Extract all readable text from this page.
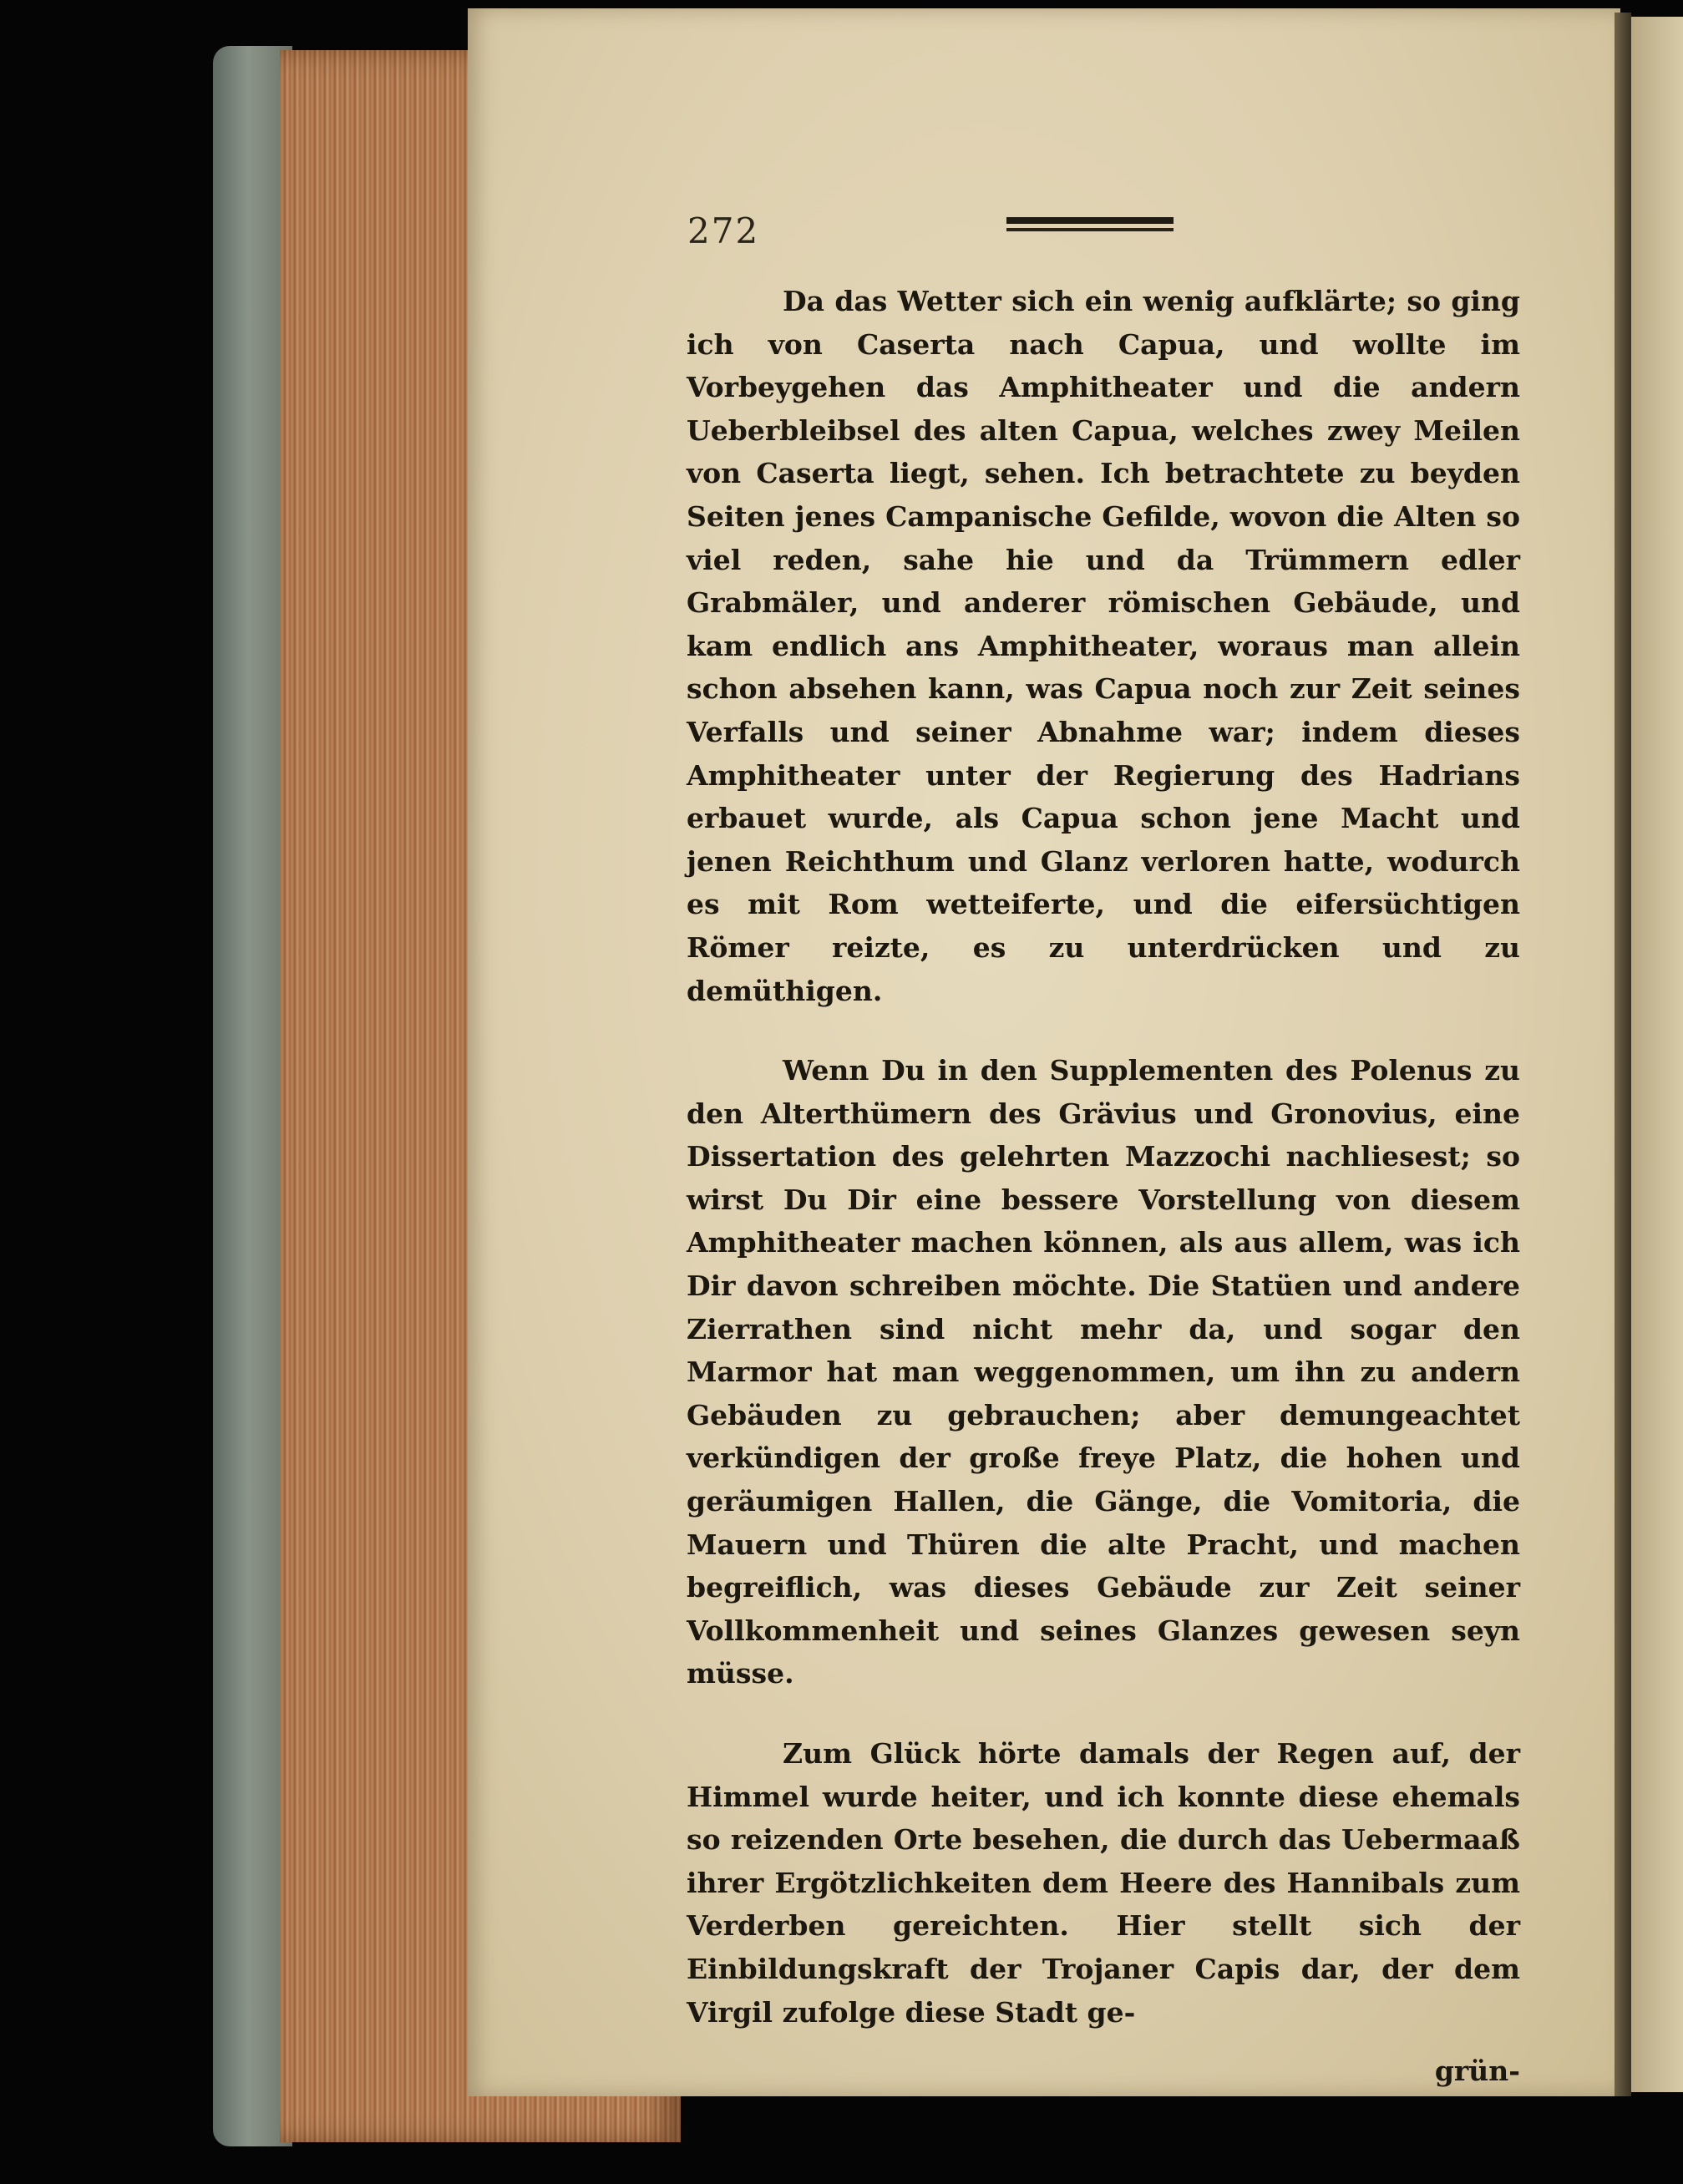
272

Da das Wetter sich ein wenig aufklärte; so ging ich von Caserta nach Capua, und wollte im Vorbeygehen das Amphitheater und die andern Ueberbleibsel des alten Capua, welches zwey Meilen von Caserta liegt, sehen. Ich betrachtete zu beyden Seiten jenes Campanische Gefilde, wovon die Alten so viel reden, sahe hie und da Trümmern edler Grabmäler, und anderer römischen Gebäude, und kam endlich ans Amphitheater, woraus man allein schon absehen kann, was Capua noch zur Zeit seines Verfalls und seiner Abnahme war; indem dieses Amphitheater unter der Regierung des Hadrians erbauet wurde, als Capua schon jene Macht und jenen Reichthum und Glanz verloren hatte, wodurch es mit Rom wetteiferte, und die eifersüchtigen Römer reizte, es zu unterdrücken und zu demüthigen.

Wenn Du in den Supplementen des Polenus zu den Alterthümern des Grävius und Gronovius, eine Dissertation des gelehrten Mazzochi nachliesest; so wirst Du Dir eine bessere Vorstellung von diesem Amphitheater machen können, als aus allem, was ich Dir davon schreiben möchte. Die Statüen und andere Zierrathen sind nicht mehr da, und sogar den Marmor hat man weggenommen, um ihn zu andern Gebäuden zu gebrauchen; aber demungeachtet verkündigen der große freye Platz, die hohen und geräumigen Hallen, die Gänge, die Vomitoria, die Mauern und Thüren die alte Pracht, und machen begreiflich, was dieses Gebäude zur Zeit seiner Vollkommenheit und seines Glanzes gewesen seyn müsse.

Zum Glück hörte damals der Regen auf, der Himmel wurde heiter, und ich konnte diese ehemals so reizenden Orte besehen, die durch das Uebermaaß ihrer Ergötzlichkeiten dem Heere des Hannibals zum Verderben gereichten. Hier stellt sich der Einbildungskraft der Trojaner Capis dar, der dem Virgil zufolge diese Stadt ge-

grün-
